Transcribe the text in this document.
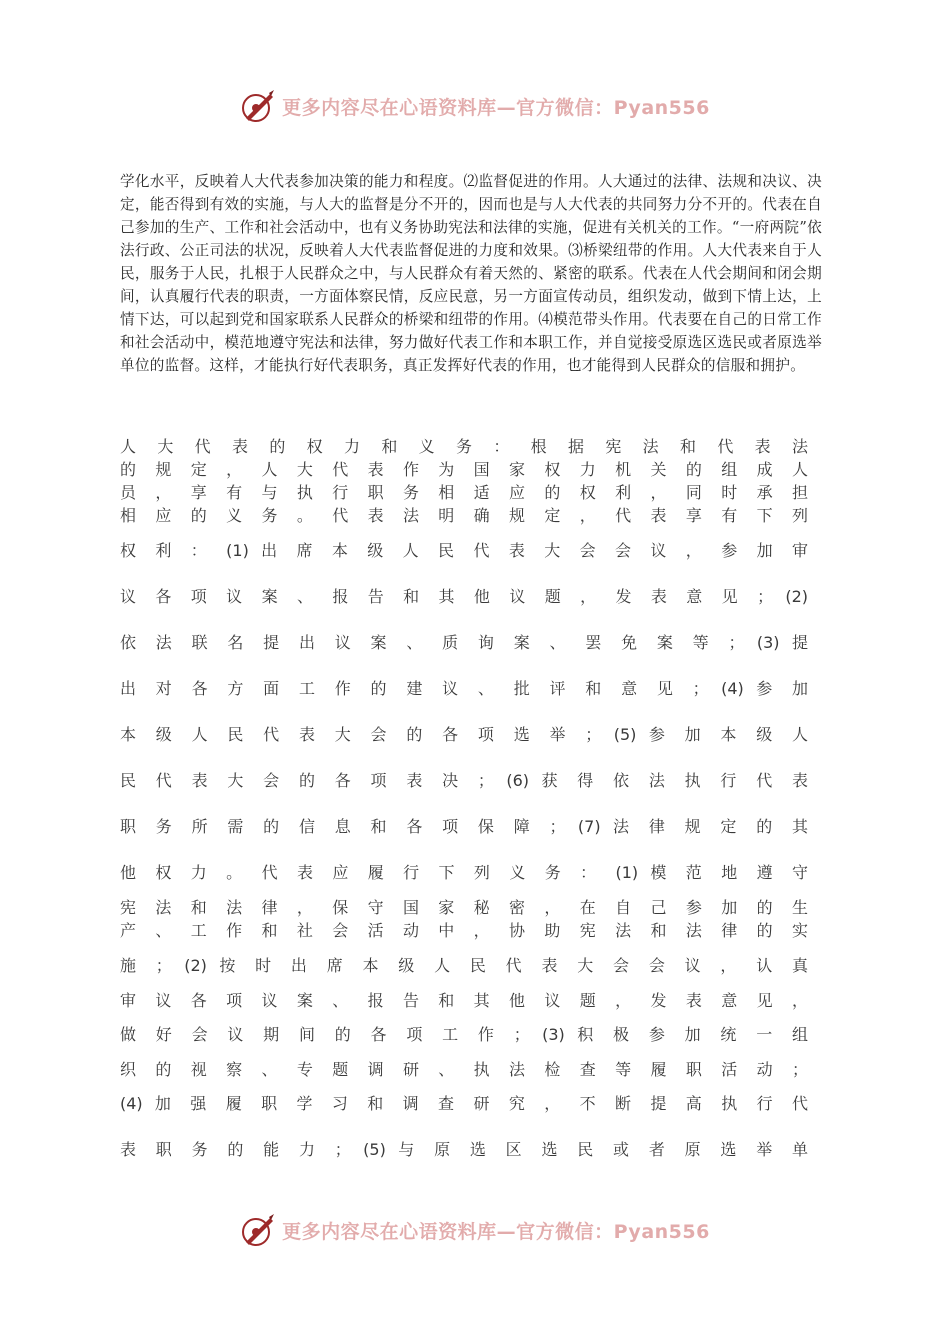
更多内容尽在心语资料库—官方微信：Pyan556

学化水平，反映着人大代表参加决策的能力和程度。⑵监督促进的作用。人大通过的法律、法规和决议、决定，能否得到有效的实施，与人大的监督是分不开的，因而也是与人大代表的共同努力分不开的。代表在自己参加的生产、工作和社会活动中，也有义务协助宪法和法律的实施，促进有关机关的工作。“一府两院”依法行政、公正司法的状况，反映着人大代表监督促进的力度和效果。⑶桥梁纽带的作用。人大代表来自于人民，服务于人民，扎根于人民群众之中，与人民群众有着天然的、紧密的联系。代表在人代会期间和闭会期间，认真履行代表的职责，一方面体察民情，反应民意，另一方面宣传动员，组织发动，做到下情上达，上情下达，可以起到党和国家联系人民群众的桥梁和纽带的作用。⑷模范带头作用。代表要在自己的日常工作和社会活动中，模范地遵守宪法和法律，努力做好代表工作和本职工作，并自觉接受原选区选民或者原选举单位的监督。这样，才能执行好代表职务，真正发挥好代表的作用，也才能得到人民群众的信服和拥护。

人 大 代 表 的 权 力 和 义 务 ： 根 据 宪 法 和 代 表 法
的 规 定 ， 人 大 代 表 作 为 国 家 权 力 机 关 的 组 成 人
员 ， 享 有 与 执 行 职 务 相 适 应 的 权 利 ， 同 时 承 担
相 应 的 义 务 。 代 表 法 明 确 规 定 ， 代 表 享 有 下 列
权 利 ： (1) 出 席 本 级 人 民 代 表 大 会 会 议 ， 参 加 审
议 各 项 议 案 、 报 告 和 其 他 议 题 ， 发 表 意 见 ； (2)
依 法 联 名 提 出 议 案 、 质 询 案 、 罢 免 案 等 ； (3) 提
出 对 各 方 面 工 作 的 建 议 、 批 评 和 意 见 ； (4) 参 加
本 级 人 民 代 表 大 会 的 各 项 选 举 ； (5) 参 加 本 级 人
民 代 表 大 会 的 各 项 表 决 ； (6) 获 得 依 法 执 行 代 表
职 务 所 需 的 信 息 和 各 项 保 障 ； (7) 法 律 规 定 的 其
他 权 力 。 代 表 应 履 行 下 列 义 务 ： (1) 模 范 地 遵 守
宪 法 和 法 律 ， 保 守 国 家 秘 密 ， 在 自 己 参 加 的 生
产 、 工 作 和 社 会 活 动 中 ， 协 助 宪 法 和 法 律 的 实
施 ； (2) 按 时 出 席 本 级 人 民 代 表 大 会 会 议 ， 认 真
审 议 各 项 议 案 、 报 告 和 其 他 议 题 ， 发 表 意 见 ，
做 好 会 议 期 间 的 各 项 工 作 ； (3) 积 极 参 加 统 一 组
织 的 视 察 、 专 题 调 研 、 执 法 检 查 等 履 职 活 动 ；
(4) 加 强 履 职 学 习 和 调 查 研 究 ， 不 断 提 高 执 行 代
表 职 务 的 能 力 ； (5) 与 原 选 区 选 民 或 者 原 选 举 单
更多内容尽在心语资料库—官方微信：Pyan556
